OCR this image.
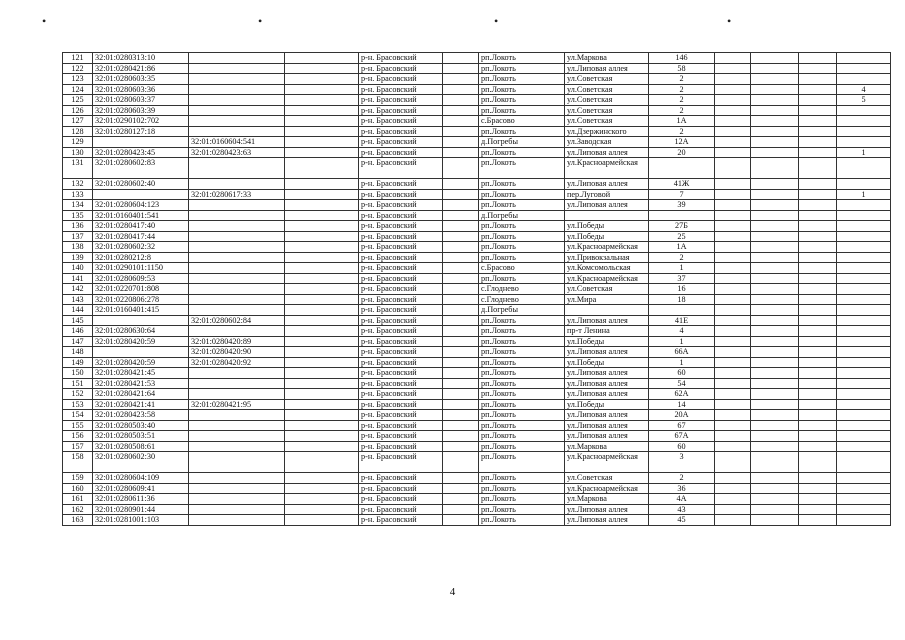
•	•	•	•
121	32:01:0280313:10			р-н. Брасовский		рп.Локоть	ул.Маркова	146				
122	32:01:0280421:86			р-н. Брасовский		рп.Локоть	ул.Липовая аллея	58				
123	32:01:0280603:35			р-н. Брасовский		рп.Локоть	ул.Советская	2				
124	32:01:0280603:36			р-н. Брасовский		рп.Локоть	ул.Советская	2				4
125	32:01:0280603:37			р-н. Брасовский		рп.Локоть	ул.Советская	2				5
126	32:01:0280603:39			р-н. Брасовский		рп.Локоть	ул.Советская	2				
127	32:01:0290102:702			р-н. Брасовский		с.Брасово	ул.Советская	1А				
128	32:01:0280127:18			р-н. Брасовский		рп.Локоть	ул.Дзержинского	2				
129		32:01:0160604:541		р-н. Брасовский		д.Погребы	ул.Заводская	12А				
130	32:01:0280423:45	32:01:0280423:63		р-н. Брасовский		рп.Локоть	ул.Липовая аллея	20				1
131	32:01:0280602:83			р-н. Брасовский		рп.Локоть	ул.Красноармейская					
132	32:01:0280602:40			р-н. Брасовский		рп.Локоть	ул.Липовая аллея	41Ж				
133		32:01:0280617:33		р-н. Брасовский		рп.Локоть	пер.Луговой	7				1
134	32:01:0280604:123			р-н. Брасовский		рп.Локоть	ул.Липовая аллея	39				
135	32:01:0160401:541			р-н. Брасовский		д.Погребы						
136	32:01:0280417:40			р-н. Брасовский		рп.Локоть	ул.Победы	27Б				
137	32:01:0280417:44			р-н. Брасовский		рп.Локоть	ул.Победы	25				
138	32:01:0280602:32			р-н. Брасовский		рп.Локоть	ул.Красноармейская	1А				
139	32:01:0280212:8			р-н. Брасовский		рп.Локоть	ул.Привокзальная	2				
140	32:01:0290101:1150			р-н. Брасовский		с.Брасово	ул.Комсомольская	1				
141	32:01:0280609:53			р-н. Брасовский		рп.Локоть	ул.Красноармейская	37				
142	32:01:0220701:808			р-н. Брасовский		с.Глоднево	ул.Советская	16				
143	32:01:0220806:278			р-н. Брасовский		с.Глоднево	ул.Мира	18				
144	32:01:0160401:415			р-н. Брасовский		д.Погребы						
145		32:01:0280602:84		р-н. Брасовский		рп.Локоть	ул.Липовая аллея	41Е				
146	32:01:0280630:64			р-н. Брасовский		рп.Локоть	пр-т Ленина	4				
147	32:01:0280420:59	32:01:0280420:89		р-н. Брасовский		рп.Локоть	ул.Победы	1				
148		32:01:0280420:90		р-н. Брасовский		рп.Локоть	ул.Липовая аллея	66А				
149	32:01:0280420:59	32:01:0280420:92		р-н. Брасовский		рп.Локоть	ул.Победы	1				
150	32:01:0280421:45			р-н. Брасовский		рп.Локоть	ул.Липовая аллея	60				
151	32:01:0280421:53			р-н. Брасовский		рп.Локоть	ул.Липовая аллея	54				
152	32:01:0280421:64			р-н. Брасовский		рп.Локоть	ул.Липовая аллея	62А				
153	32:01:0280421:41	32:01:0280421:95		р-н. Брасовский		рп.Локоть	ул.Победы	14				
154	32:01:0280423:58			р-н. Брасовский		рп.Локоть	ул.Липовая аллея	20А				
155	32:01:0280503:40			р-н. Брасовский		рп.Локоть	ул.Липовая аллея	67				
156	32:01:0280503:51			р-н. Брасовский		рп.Локоть	ул.Липовая аллея	67А				
157	32:01:0280508:61			р-н. Брасовский		рп.Локоть	ул.Маркова	60				
158	32:01:0280602:30			р-н. Брасовский		рп.Локоть	ул.Красноармейская	3				
159	32:01:0280604:109			р-н. Брасовский		рп.Локоть	ул.Советская	2				
160	32:01:0280609:41			р-н. Брасовский		рп.Локоть	ул.Красноармейская	36				
161	32:01:0280611:36			р-н. Брасовский		рп.Локоть	ул.Маркова	4А				
162	32:01:0280901:44			р-н. Брасовский		рп.Локоть	ул.Липовая аллея	43				
163	32:01:0281001:103			р-н. Брасовский		рп.Локоть	ул.Липовая аллея	45				
4
